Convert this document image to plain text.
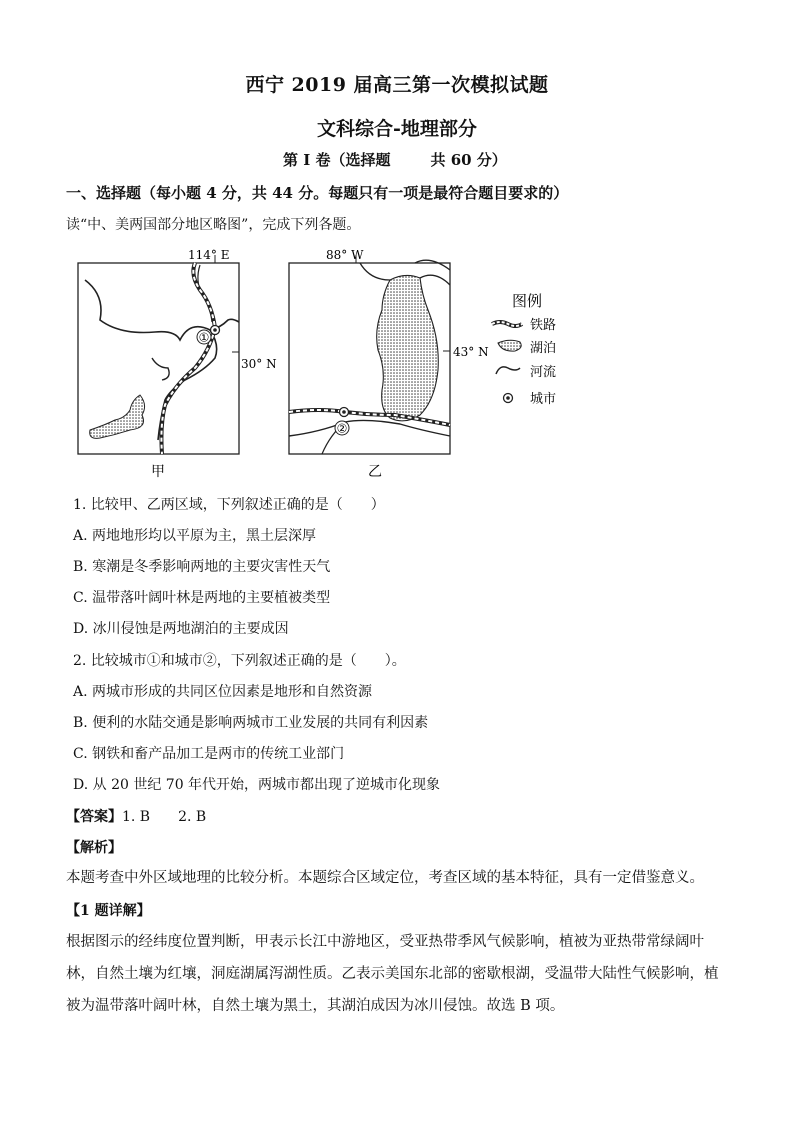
西宁 2019 届高三第一次模拟试题
文科综合-地理部分
第 I 卷（选择题	共 60 分）
一、选择题（每小题 4 分，共 44 分。每题只有一项是最符合题目要求的）
读“中、美两国部分地区略图”，完成下列各题。
114° E
30° N
①
甲
88° W
43° N
②
乙
图例
铁路
湖泊
河流
城市
1. 比较甲、乙两区域，下列叙述正确的是（　　）
A. 两地地形均以平原为主，黑土层深厚
B. 寒潮是冬季影响两地的主要灾害性天气
C. 温带落叶阔叶林是两地的主要植被类型
D. 冰川侵蚀是两地湖泊的主要成因
2. 比较城市①和城市②，下列叙述正确的是（　　）。
A. 两城市形成的共同区位因素是地形和自然资源
B. 便利的水陆交通是影响两城市工业发展的共同有利因素
C. 钢铁和畜产品加工是两市的传统工业部门
D. 从 20 世纪 70 年代开始，两城市都出现了逆城市化现象
【答案】1. B　　2. B
【解析】
本题考查中外区域地理的比较分析。本题综合区域定位，考查区域的基本特征，具有一定借鉴意义。
【1 题详解】
根据图示的经纬度位置判断，甲表示长江中游地区，受亚热带季风气候影响，植被为亚热带常绿阔叶林，自然土壤为红壤，洞庭湖属泻湖性质。乙表示美国东北部的密歇根湖，受温带大陆性气候影响，植被为温带落叶阔叶林，自然土壤为黑土，其湖泊成因为冰川侵蚀。故选 B 项。
